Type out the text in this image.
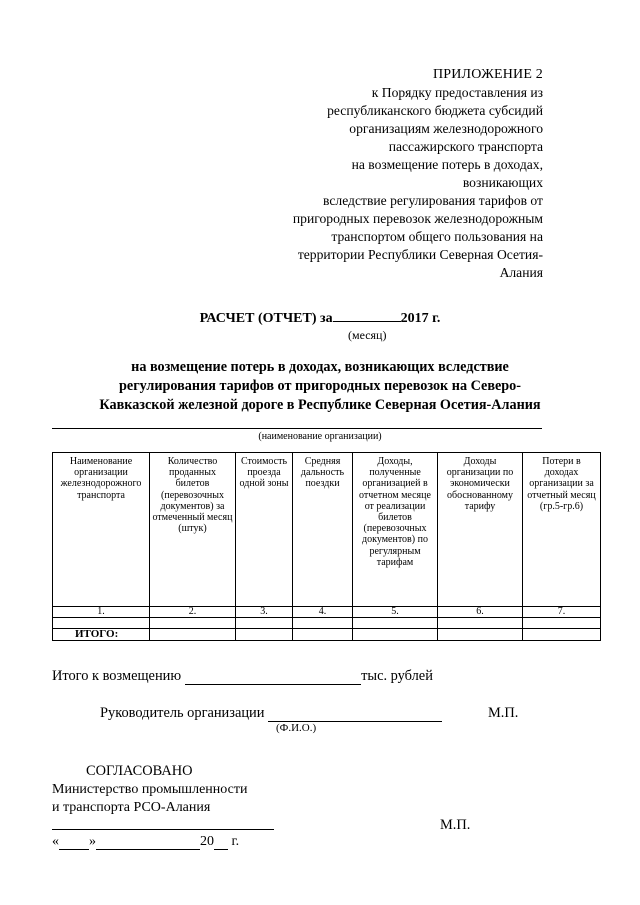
ПРИЛОЖЕНИЕ 2
к Порядку предоставления из
республиканского бюджета субсидий
организациям железнодорожного
пассажирского транспорта
на возмещение потерь в доходах,
возникающих
вследствие регулирования тарифов от
пригородных перевозок железнодорожным
транспортом общего пользования на
территории Республики Северная Осетия-
Алания
РАСЧЕТ (ОТЧЕТ) за	2017 г.
(месяц)
на возмещение потерь в доходах, возникающих вследствие
регулирования тарифов от пригородных перевозок на Северо-
Кавказской железной дороге в Республике Северная Осетия-Алания
(наименование организации)
Наименование организации железнодорожного транспорта	Количество проданных билетов (перевозочных документов) за отмеченный месяц (штук)	Стоимость проезда одной зоны	Средняя дальность поездки	Доходы, полученные организацией в отчетном месяце от реализации билетов (перевозочных документов) по регулярным тарифам	Доходы организации по экономически обоснованному тарифу	Потери в доходах организации за отчетный месяц (гр.5-гр.6)
1.	2.	3.	4.	5.	6.	7.

ИТОГО:						
Итого к возмещению	тыс. рублей
Руководитель организации
(Ф.И.О.)
М.П.
СОГЛАСОВАНО
Министерство промышленности
и транспорта РСО-Алания
М.П.
« »	20 г.
